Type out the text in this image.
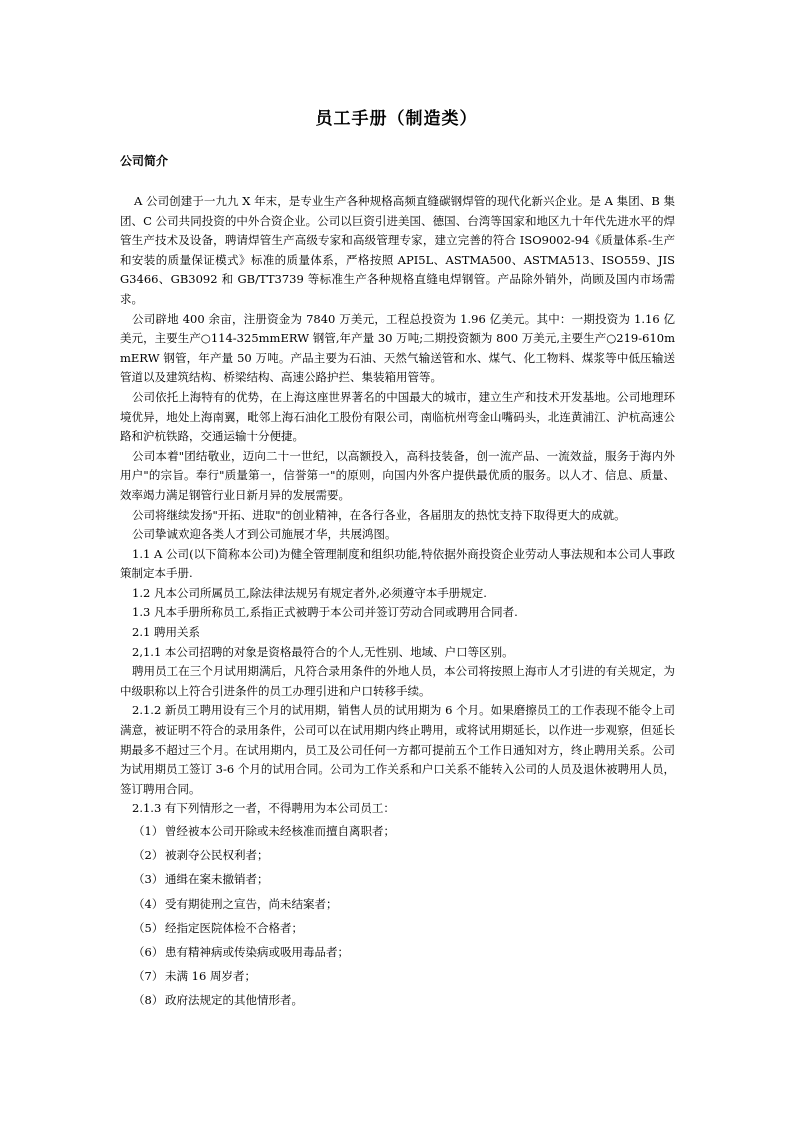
员工手册（制造类）
公司简介

A 公司创建于一九九 X 年末，是专业生产各种规格高频直缝碳钢焊管的现代化新兴企业。是 A 集团、B 集团、C 公司共同投资的中外合资企业。公司以巨资引进美国、德国、台湾等国家和地区九十年代先进水平的焊管生产技术及设备，聘请焊管生产高级专家和高级管理专家，建立完善的符合 ISO9002-94《质量体系-生产和安装的质量保证模式》标准的质量体系，严格按照 API5L、ASTMA500、ASTMA513、ISO559、JIS G3466、GB3092 和 GB/TT3739 等标准生产各种规格直缝电焊钢管。产品除外销外，尚顾及国内市场需求。

公司辟地 400 余亩，注册资金为 7840 万美元，工程总投资为 1.96 亿美元。其中：一期投资为 1.16 亿美元，主要生产○114-325mmERW 钢管,年产量 30 万吨;二期投资额为 800 万美元,主要生产○219-610mmERW 钢管，年产量 50 万吨。产品主要为石油、天然气输送管和水、煤气、化工物料、煤浆等中低压输送管道以及建筑结构、桥梁结构、高速公路护拦、集装箱用管等。

公司依托上海特有的优势，在上海这座世界著名的中国最大的城市，建立生产和技术开发基地。公司地理环境优异，地处上海南翼，毗邻上海石油化工股份有限公司，南临杭州弯金山嘴码头，北连黄浦江、沪杭高速公路和沪杭铁路，交通运输十分便捷。

公司本着"团结敬业，迈向二十一世纪，以高额投入，高科技装备，创一流产品、一流效益，服务于海内外用户"的宗旨。奉行"质量第一，信誉第一"的原则，向国内外客户提供最优质的服务。以人才、信息、质量、效率竭力满足钢管行业日新月异的发展需要。

公司将继续发扬"开拓、进取"的创业精神，在各行各业，各届朋友的热忱支持下取得更大的成就。

公司挚诚欢迎各类人才到公司施展才华，共展鸿图。

1.1 A 公司(以下简称本公司)为健全管理制度和组织功能,特依据外商投资企业劳动人事法规和本公司人事政策制定本手册.

1.2 凡本公司所属员工,除法律法规另有规定者外,必须遵守本手册规定.

1.3 凡本手册所称员工,系指正式被聘于本公司并签订劳动合同或聘用合同者.

2.1 聘用关系

2,1.1 本公司招聘的对象是资格最符合的个人,无性别、地域、户口等区别。

聘用员工在三个月试用期满后，凡符合录用条件的外地人员，本公司将按照上海市人才引进的有关规定，为中级职称以上符合引进条件的员工办理引进和户口转移手续。

2.1.2 新员工聘用设有三个月的试用期，销售人员的试用期为 6 个月。如果磨擦员工的工作表现不能令上司满意，被证明不符合的录用条件，公司可以在试用期内终止聘用，或将试用期延长，以作进一步观察，但延长期最多不超过三个月。在试用期内，员工及公司任何一方都可提前五个工作日通知对方，终止聘用关系。公司为试用期员工签订 3-6 个月的试用合同。公司为工作关系和户口关系不能转入公司的人员及退休被聘用人员，签订聘用合同。

2.1.3 有下列情形之一者，不得聘用为本公司员工：

（1） 曾经被本公司开除或未经核准而擅自离职者；

（2） 被剥夺公民权利者；

（3） 通缉在案未撤销者；

（4） 受有期徒刑之宣告，尚未结案者；

（5） 经指定医院体检不合格者；

（6） 患有精神病或传染病或吸用毒品者；

（7） 未满 16 周岁者；

（8） 政府法规定的其他情形者。
